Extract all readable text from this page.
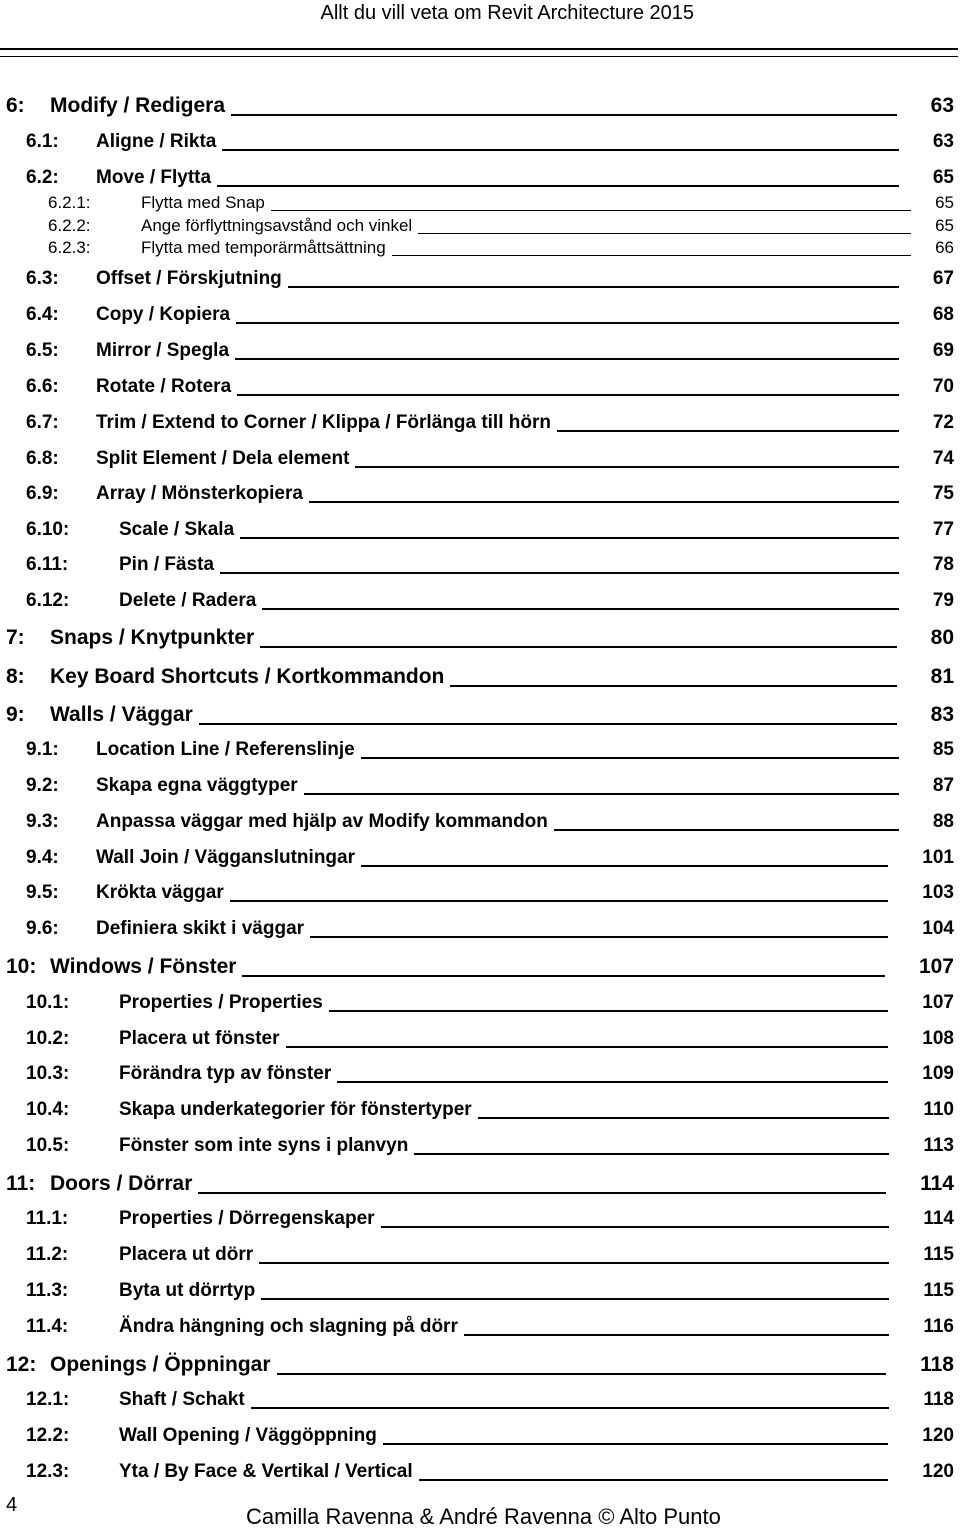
Allt du vill veta om Revit Architecture 2015
6: Modify / Redigera	63
6.1: Aligne / Rikta	63
6.2: Move / Flytta	65
6.2.1:	Flytta med Snap	65
6.2.2:	Ange förflyttningsavstånd och vinkel	65
6.2.3:	Flytta med temporärmåttsättning	66
6.3: Offset / Förskjutning	67
6.4: Copy / Kopiera	68
6.5: Mirror / Spegla	69
6.6: Rotate / Rotera	70
6.7: Trim / Extend to Corner / Klippa / Förlänga till hörn	72
6.8: Split Element / Dela element	74
6.9: Array / Mönsterkopiera	75
6.10:	Scale / Skala	77
6.11:	Pin / Fästa	78
6.12:	Delete / Radera	79
7: Snaps / Knytpunkter	80
8: Key Board Shortcuts / Kortkommandon	81
9: Walls / Väggar	83
9.1: Location Line / Referenslinje	85
9.2: Skapa egna väggtyper	87
9.3: Anpassa väggar med hjälp av Modify kommandon	88
9.4: Wall Join / Vägganslutningar	101
9.5: Krökta väggar	103
9.6: Definiera skikt i väggar	104
10: Windows / Fönster	107
10.1:	Properties / Properties	107
10.2:	Placera ut fönster	108
10.3:	Förändra typ av fönster	109
10.4:	Skapa underkategorier för fönstertyper	110
10.5:	Fönster som inte syns i planvyn	113
11: Doors / Dörrar	114
11.1:	Properties / Dörregenskaper	114
11.2:	Placera ut dörr	115
11.3:	Byta ut dörrtyp	115
11.4:	Ändra hängning och slagning på dörr	116
12: Openings / Öppningar	118
12.1:	Shaft / Schakt	118
12.2:	Wall Opening / Väggöppning	120
12.3:	Yta / By Face & Vertikal / Vertical	120
4	Camilla Ravenna & André Ravenna © Alto Punto
